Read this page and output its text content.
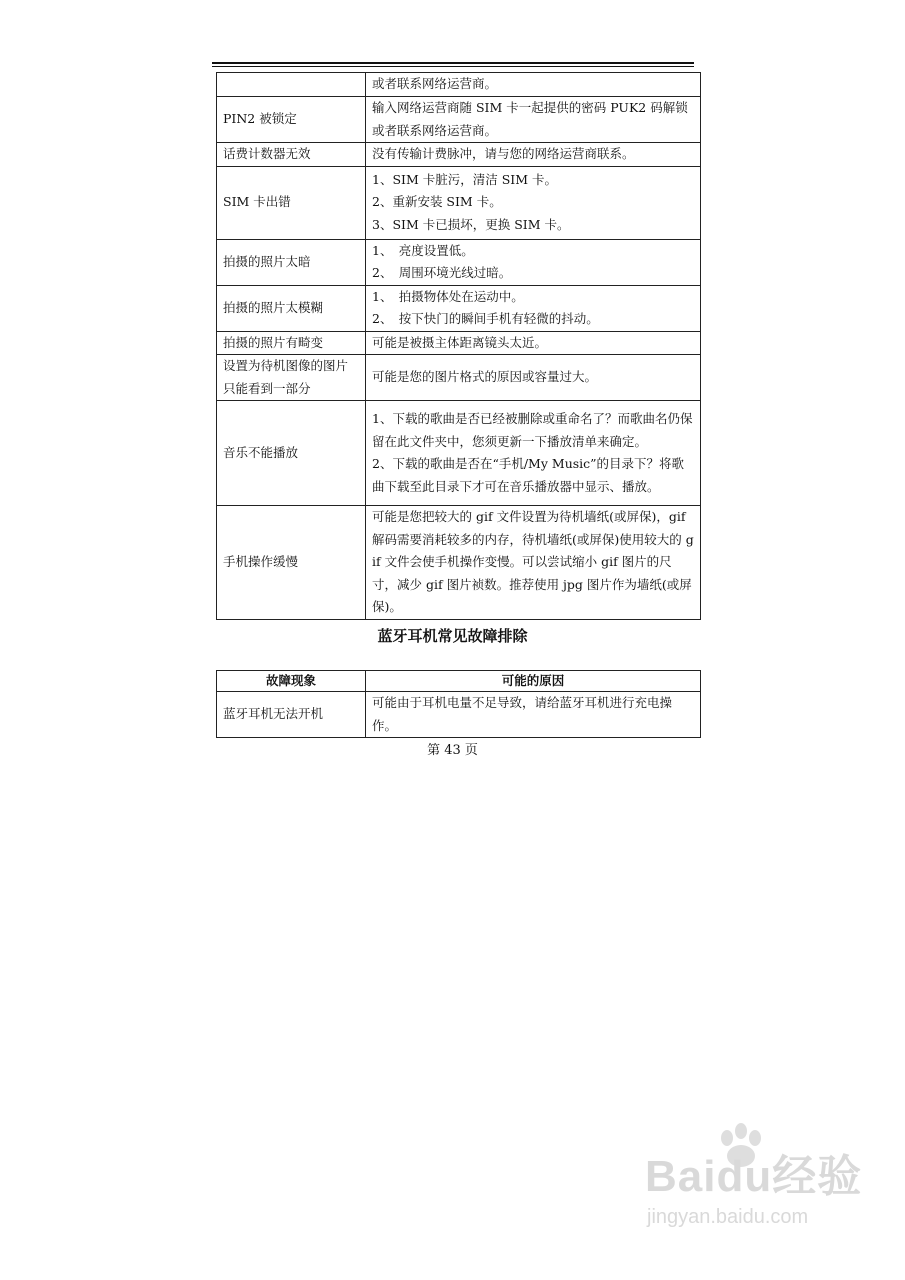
	或者联系网络运营商。

PIN2 被锁定	输入网络运营商随 SIM 卡一起提供的密码 PUK2 码解锁或者联系网络运营商。

话费计数器无效	没有传输计费脉冲，请与您的网络运营商联系。

SIM 卡出错	1、SIM 卡脏污，清洁 SIM 卡。
2、重新安装 SIM 卡。
3、SIM 卡已损坏，更换 SIM 卡。

拍摄的照片太暗	1、　亮度设置低。
2、　周围环境光线过暗。

拍摄的照片太模糊	1、　拍摄物体处在运动中。
2、　按下快门的瞬间手机有轻微的抖动。

拍摄的照片有畸变	可能是被摄主体距离镜头太近。

设置为待机图像的图片只能看到一部分	可能是您的图片格式的原因或容量过大。

音乐不能播放	1、下载的歌曲是否已经被删除或重命名了？而歌曲名仍保留在此文件夹中，您须更新一下播放清单来确定。
2、下载的歌曲是否在“手机/My Music”的目录下？将歌曲下载至此目录下才可在音乐播放器中显示、播放。

手机操作缓慢	可能是您把较大的 gif 文件设置为待机墙纸(或屏保)，gif 解码需要消耗较多的内存，待机墙纸(或屏保)使用较大的 gif 文件会使手机操作变慢。可以尝试缩小 gif 图片的尺寸，减少 gif 图片祯数。推荐使用 jpg 图片作为墙纸(或屏保)。
蓝牙耳机常见故障排除
故障现象	可能的原因
蓝牙耳机无法开机	可能由于耳机电量不足导致，请给蓝牙耳机进行充电操作。
第 43 页
Baidu经验
jingyan.baidu.com
